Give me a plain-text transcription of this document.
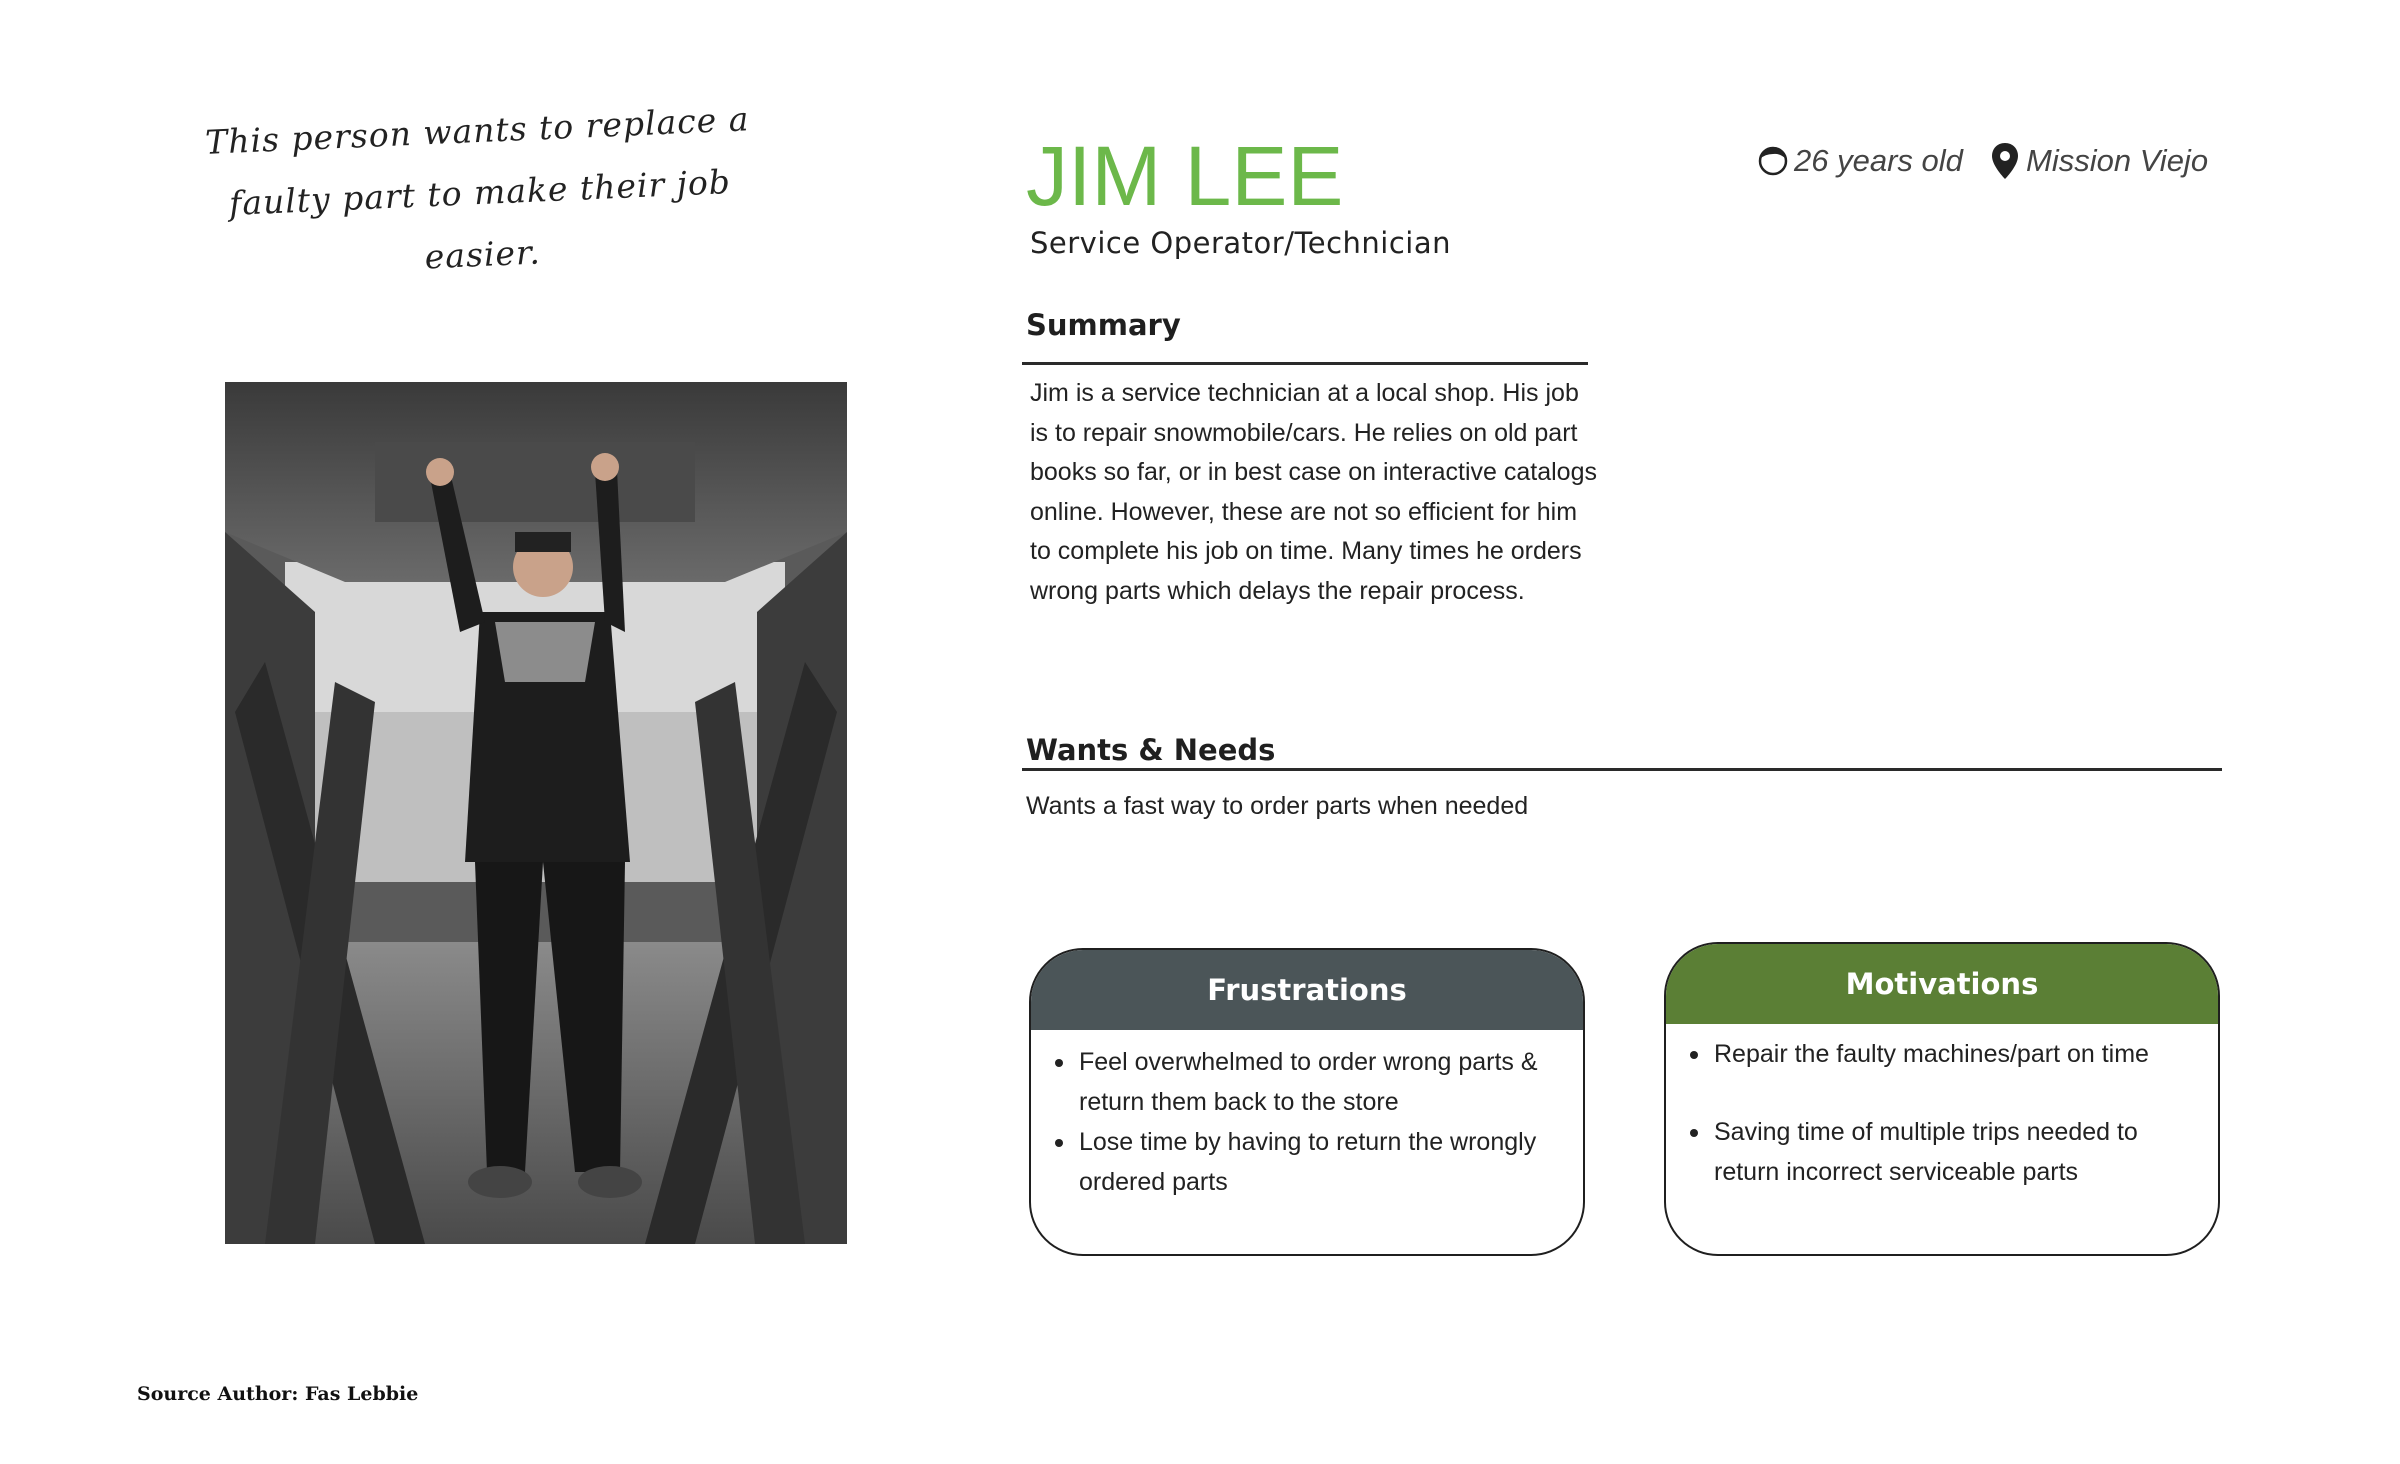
This person wants to replace a faulty part to make their job easier.
Source Author: Fas Lebbie
JIM LEE
Service Operator/Technician
26 years old Mission Viejo
Summary
Jim is a service technician at a local shop. His job is to repair snowmobile/cars. He relies on old part books so far, or in best case on interactive catalogs online. However, these are not so efficient for him to complete his job on time. Many times he orders wrong parts which delays the repair process.
Wants & Needs
Wants a fast way to order parts when needed
Frustrations
Feel overwhelmed to order wrong parts & return them back to the store
Lose time by having to return the wrongly ordered parts
Motivations
Repair the faulty machines/part on time
Saving time of multiple trips needed to return incorrect serviceable parts
